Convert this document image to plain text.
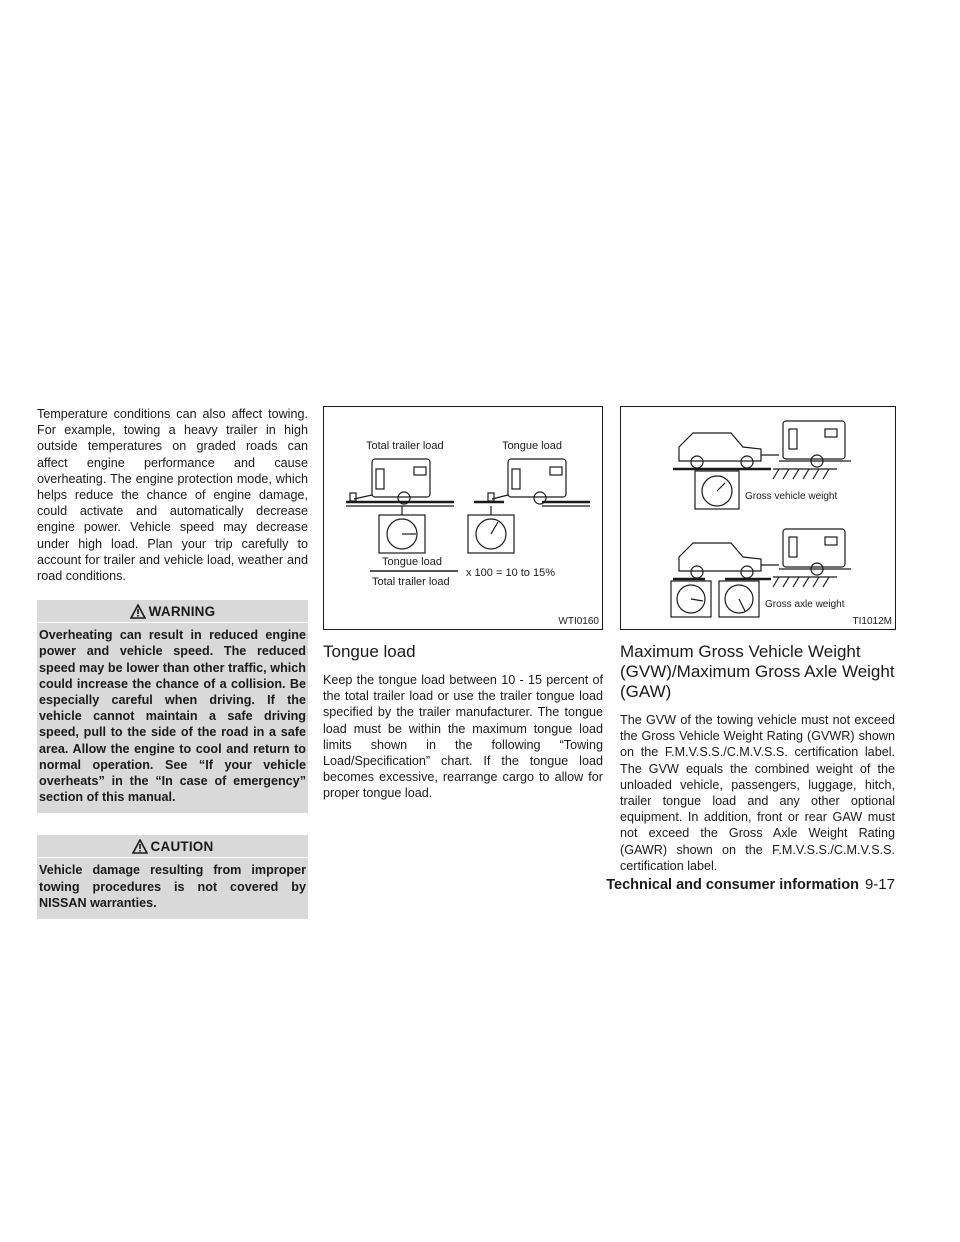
Temperature conditions can also affect towing. For example, towing a heavy trailer in high outside temperatures on graded roads can affect engine performance and cause overheating. The engine protection mode, which helps reduce the chance of engine damage, could activate and automatically decrease engine power. Vehicle speed may decrease under high load. Plan your trip carefully to account for trailer and vehicle load, weather and road conditions.

WARNING
Overheating can result in reduced engine power and vehicle speed. The reduced speed may be lower than other traffic, which could increase the chance of a collision. Be especially careful when driving. If the vehicle cannot maintain a safe driving speed, pull to the side of the road in a safe area. Allow the engine to cool and return to normal operation. See “If your vehicle overheats” in the “In case of emergency” section of this manual.
CAUTION
Vehicle damage resulting from improper towing procedures is not covered by NISSAN warranties.
Total trailer load	Tongue load
Tongue load
Total trailer load
x 100 = 10 to 15%
WTI0160
Tongue load

Keep the tongue load between 10 - 15 percent of the total trailer load or use the trailer tongue load specified by the trailer manufacturer. The tongue load must be within the maximum tongue load limits shown in the following “Towing Load/Specification” chart. If the tongue load becomes excessive, rearrange cargo to allow for proper tongue load.

Gross vehicle weight
Gross axle weight
TI1012M
Maximum Gross Vehicle Weight (GVW)/Maximum Gross Axle Weight (GAW)

The GVW of the towing vehicle must not exceed the Gross Vehicle Weight Rating (GVWR) shown on the F.M.V.S.S./C.M.V.S.S. certification label. The GVW equals the combined weight of the unloaded vehicle, passengers, luggage, hitch, trailer tongue load and any other optional equipment. In addition, front or rear GAW must not exceed the Gross Axle Weight Rating (GAWR) shown on the F.M.V.S.S./C.M.V.S.S. certification label.

Technical and consumer information 9-17
